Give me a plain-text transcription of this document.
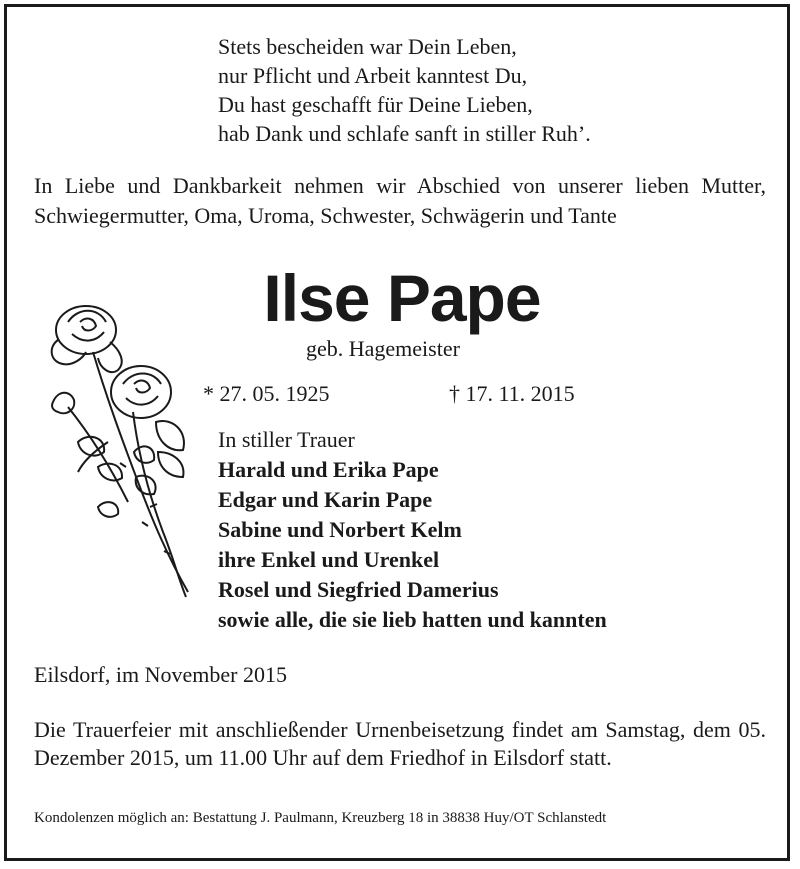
Stets bescheiden war Dein Leben,
nur Pflicht und Arbeit kanntest Du,
Du hast geschafft für Deine Lieben,
hab Dank und schlafe sanft in stiller Ruh’.
In Liebe und Dankbarkeit nehmen wir Abschied von unserer lieben Mutter, Schwiegermutter, Oma, Uroma, Schwester, Schwägerin und Tante
Ilse Pape
geb. Hagemeister
* 27. 05. 1925	† 17. 11. 2015
In stiller Trauer
Harald und Erika Pape
Edgar und Karin Pape
Sabine und Norbert Kelm
ihre Enkel und Urenkel
Rosel und Siegfried Damerius
sowie alle, die sie lieb hatten und kannten
Eilsdorf, im November 2015
Die Trauerfeier mit anschließender Urnenbeisetzung findet am Samstag, dem 05. Dezember 2015, um 11.00 Uhr auf dem Friedhof in Eilsdorf statt.
Kondolenzen möglich an: Bestattung J. Paulmann, Kreuzberg 18 in 38838 Huy/OT Schlanstedt
